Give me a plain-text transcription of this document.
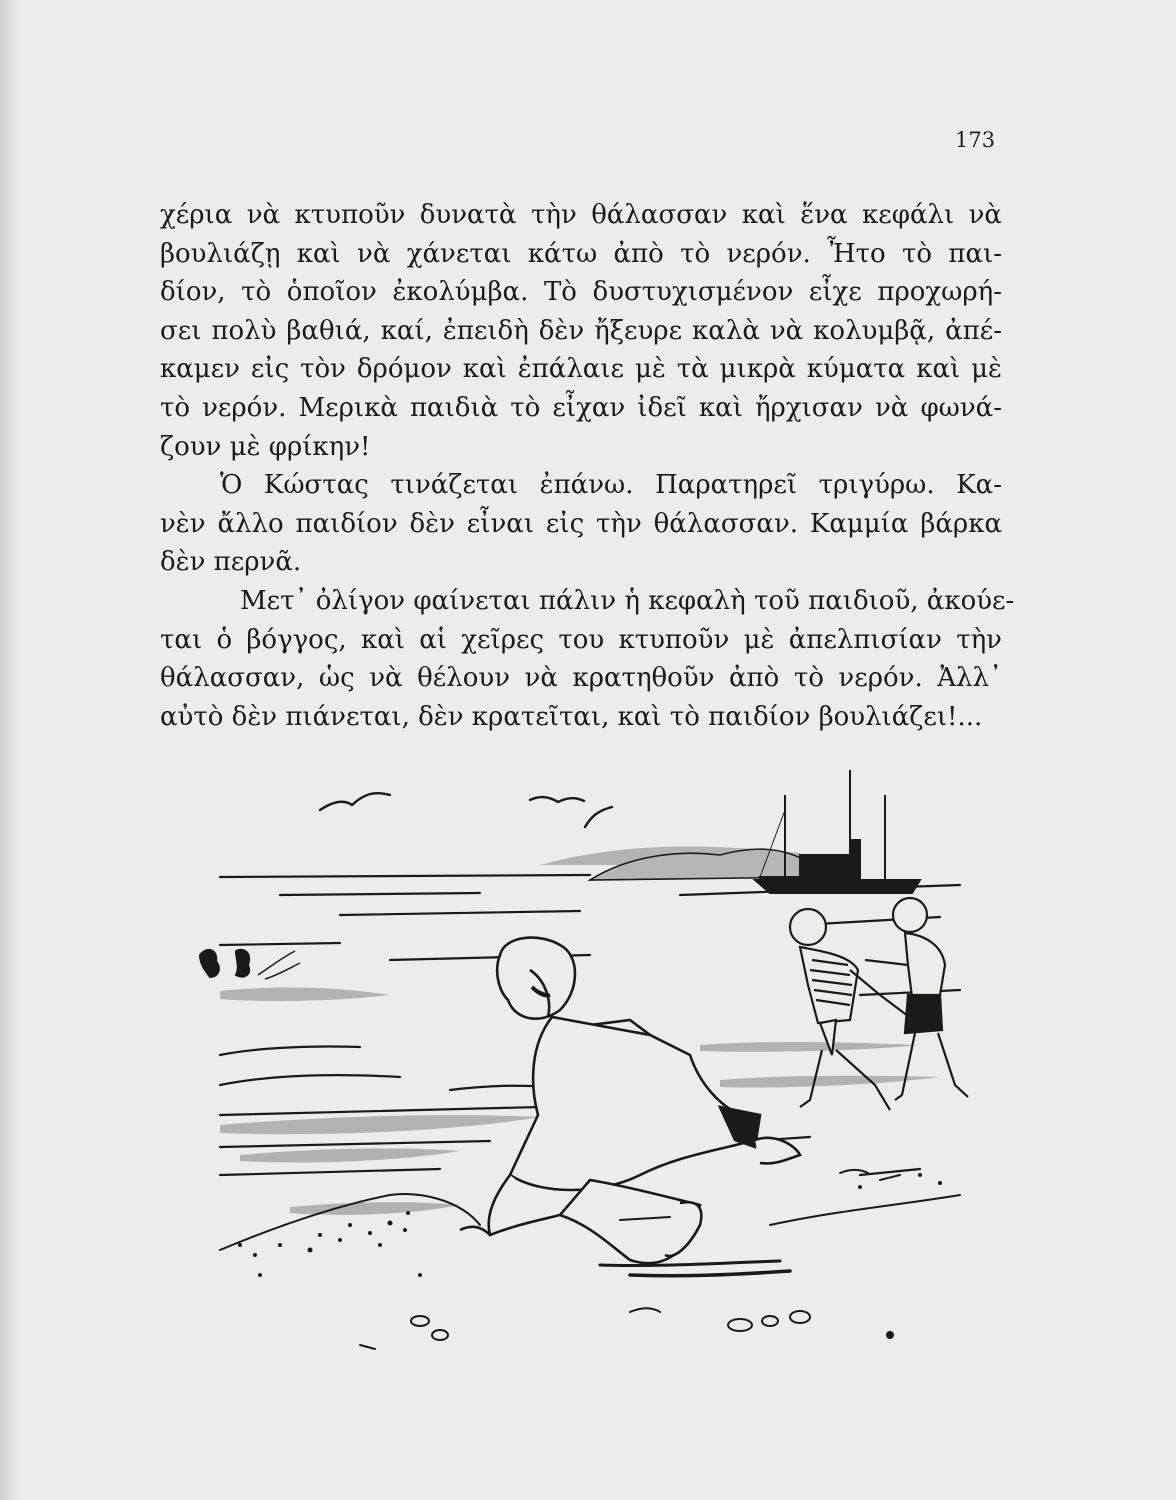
173

χέρια νὰ κτυποῦν δυνατὰ τὴν θάλασσαν καὶ ἕνα κεφάλι νὰ
βουλιάζῃ καὶ νὰ χάνεται κάτω ἀπὸ τὸ νερόν. Ἦτο τὸ παι-
δίον, τὸ ὁποῖον ἐκολύμβα. Τὸ δυστυχισμένον εἶχε προχωρή-
σει πολὺ βαθιά, καί, ἐπειδὴ δὲν ἤξευρε καλὰ νὰ κολυμβᾷ, ἀπέ-
καμεν εἰς τὸν δρόμον καὶ ἐπάλαιε μὲ τὰ μικρὰ κύματα καὶ μὲ
τὸ νερόν. Μερικὰ παιδιὰ τὸ εἶχαν ἰδεῖ καὶ ἤρχισαν νὰ φωνά-
ζουν μὲ φρίκην!
Ὁ Κώστας τινάζεται ἐπάνω. Παρατηρεῖ τριγύρω. Κα-
νὲν ἄλλο παιδίον δὲν εἶναι εἰς τὴν θάλασσαν. Καμμία βάρκα
δὲν περνᾶ.
Μετ᾽ ὀλίγον φαίνεται πάλιν ἡ κεφαλὴ τοῦ παιδιοῦ, ἀκούε-
ται ὁ βόγγος, καὶ αἱ χεῖρες του κτυποῦν μὲ ἀπελπισίαν τὴν
θάλασσαν, ὡς νὰ θέλουν νὰ κρατηθοῦν ἀπὸ τὸ νερόν. Ἀλλ᾽
αὐτὸ δὲν πιάνεται, δὲν κρατεῖται, καὶ τὸ παιδίον βουλιάζει!...
